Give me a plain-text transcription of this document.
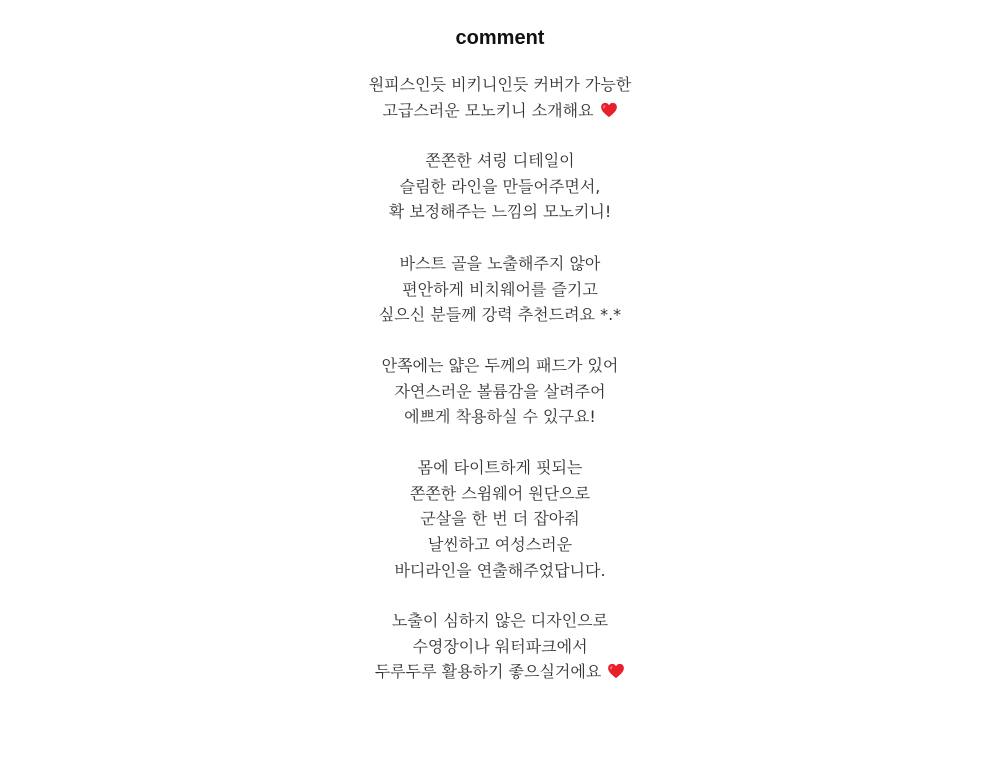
comment
원피스인듯 비키니인듯 커버가 가능한
고급스러운 모노키니 소개해요
쫀쫀한 셔링 디테일이
슬림한 라인을 만들어주면서,
확 보정해주는 느낌의 모노키니!
바스트 골을 노출해주지 않아
편안하게 비치웨어를 즐기고
싶으신 분들께 강력 추천드려요 *.*
안쪽에는 얇은 두께의 패드가 있어
자연스러운 볼륨감을 살려주어
에쁘게 착용하실 수 있구요!
몸에 타이트하게 핏되는
쫀쫀한 스윔웨어 원단으로
군살을 한 번 더 잡아줘
날씬하고 여성스러운
바디라인을 연출해주었답니다.
노출이 심하지 않은 디자인으로
수영장이나 워터파크에서
두루두루 활용하기 좋으실거에요
